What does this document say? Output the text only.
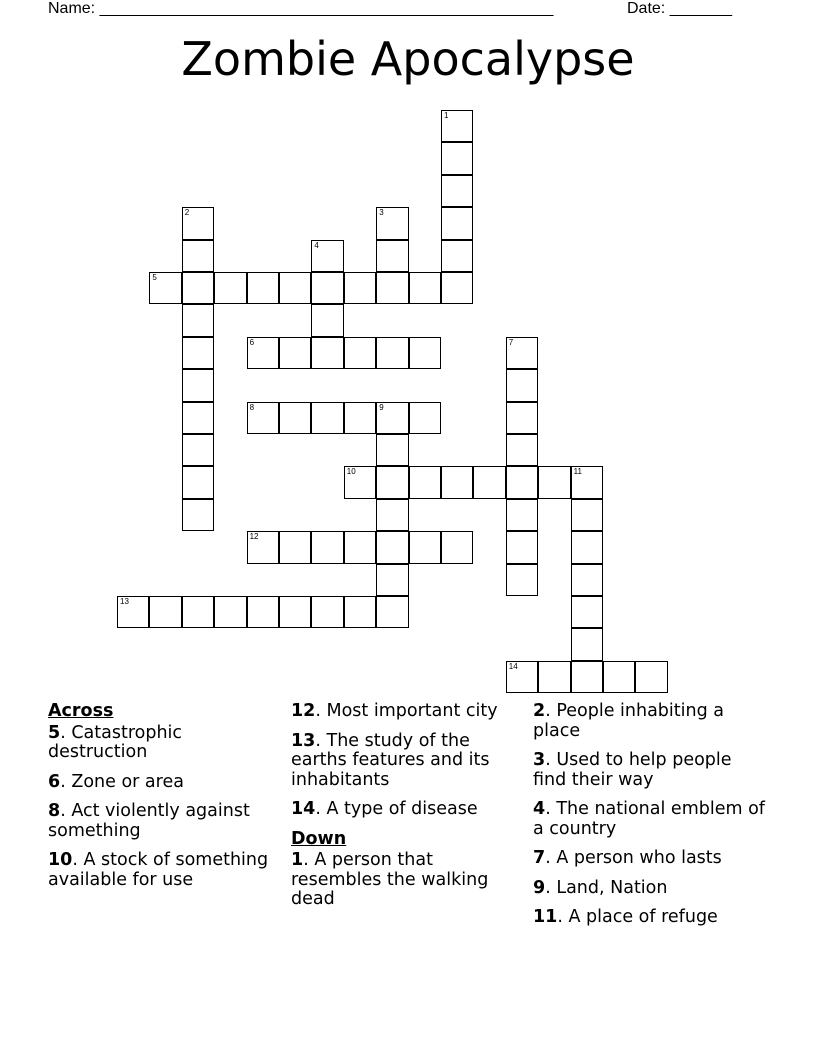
Name: ___________________________________________________	Date: _______
Zombie Apocalypse
5
6
8	9
10	11
12
13
14
1
2	3
4
7
Across
5. Catastrophic destruction
6. Zone or area
8. Act violently against something
10. A stock of something available for use
12. Most important city
13. The study of the earths features and its inhabitants
14. A type of disease
Down
1. A person that resembles the walking dead
2. People inhabiting a place
3. Used to help people find their way
4. The national emblem of a country
7. A person who lasts
9. Land, Nation
11. A place of refuge
